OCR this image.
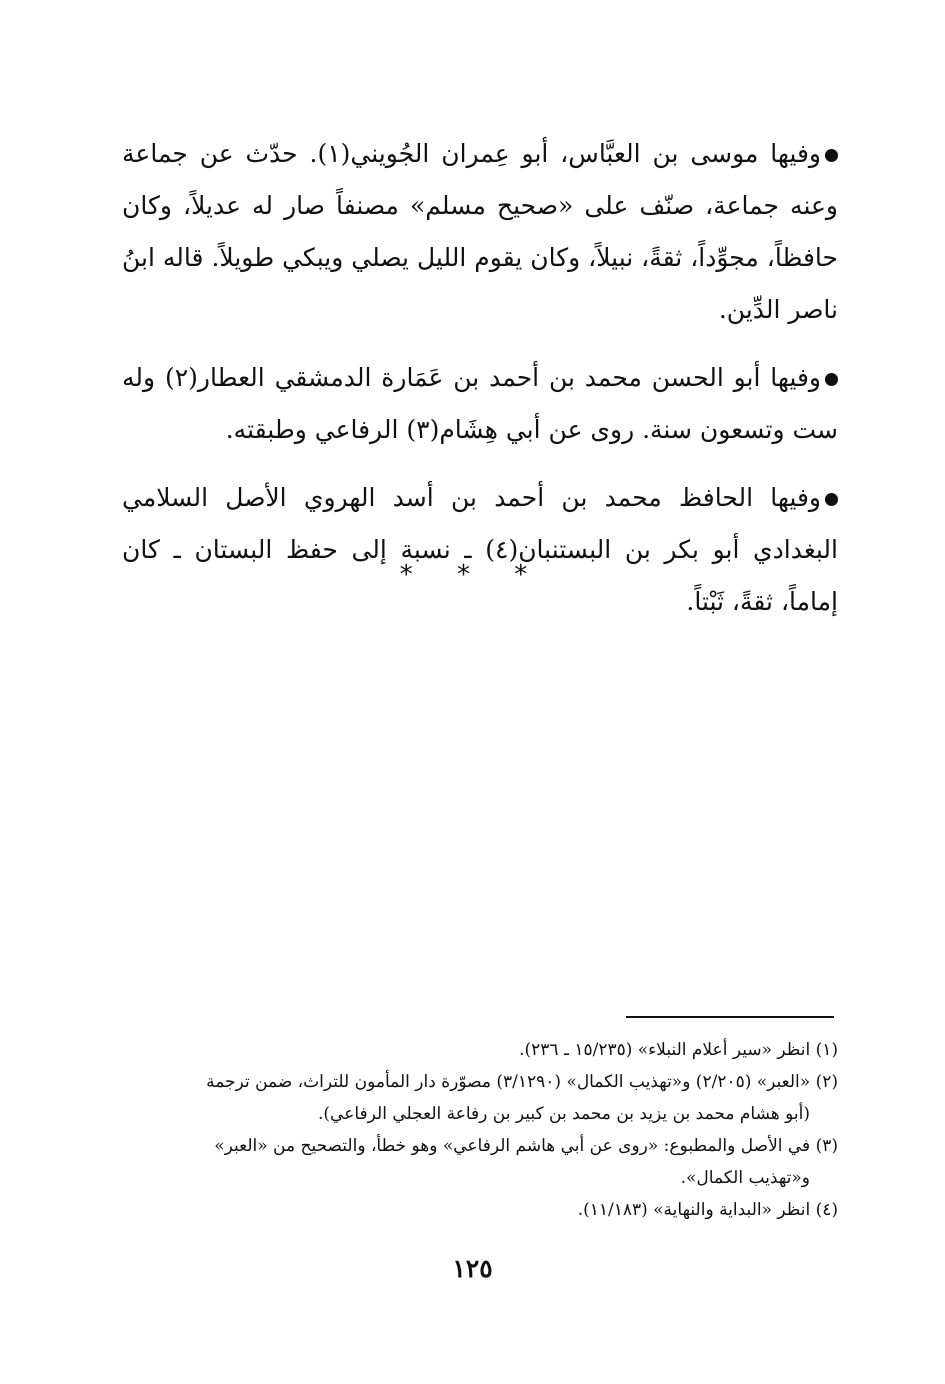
وفيها موسى بن العبَّاس، أبو عِمران الجُويني(١). حدّث عن جماعة وعنه جماعة، صنّف على «صحيح مسلم» مصنفاً صار له عديلاً، وكان حافظاً، مجوِّداً، ثقةً، نبيلاً، وكان يقوم الليل يصلي ويبكي طويلاً. قاله ابنُ ناصر الدِّين.

وفيها أبو الحسن محمد بن أحمد بن عَمَارة الدمشقي العطار(٢) وله ست وتسعون سنة. روى عن أبي هِشَام(٣) الرفاعي وطبقته.

وفيها الحافظ محمد بن أحمد بن أسد الهروي الأصل السلامي البغدادي أبو بكر بن البستنبان(٤) ـ نسبة إلى حفظ البستان ـ كان إماماً، ثقةً، ثَبْتاً.

* * *

(١) انظر «سير أعلام النبلاء» (١٥/٢٣٥ ـ ٢٣٦).

(٢) «العبر» (٢/٢٠٥) و«تهذيب الكمال» (٣/١٢٩٠) مصوّرة دار المأمون للتراث، ضمن ترجمة

(أبو هشام محمد بن يزيد بن محمد بن كبير بن رفاعة العجلي الرفاعي).

(٣) في الأصل والمطبوع: «روى عن أبي هاشم الرفاعي» وهو خطأ، والتصحيح من «العبر»

و«تهذيب الكمال».

(٤) انظر «البداية والنهاية» (١١/١٨٣).

١٢٥
